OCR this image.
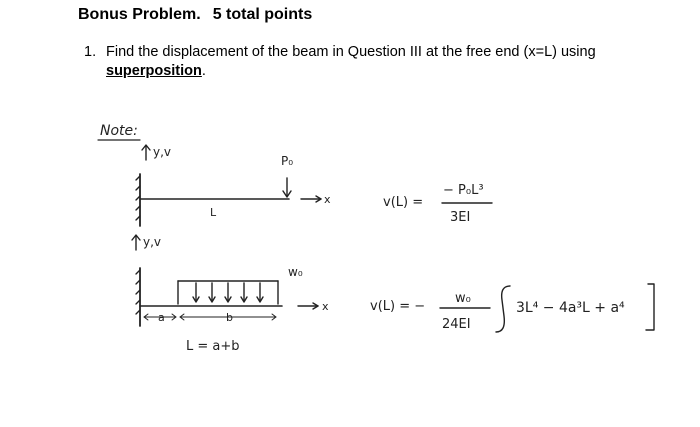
Bonus Problem. 5 total points
1. Find the displacement of the beam in Question III at the free end (x=L) using
superposition.
Note:
y,v
P₀
L
x	v(L) =
− P₀L³
3EI
y,v
w₀
a	b
L = a+b
x	v(L) = −
w₀
24EI
3L⁴ − 4a³L + a⁴
